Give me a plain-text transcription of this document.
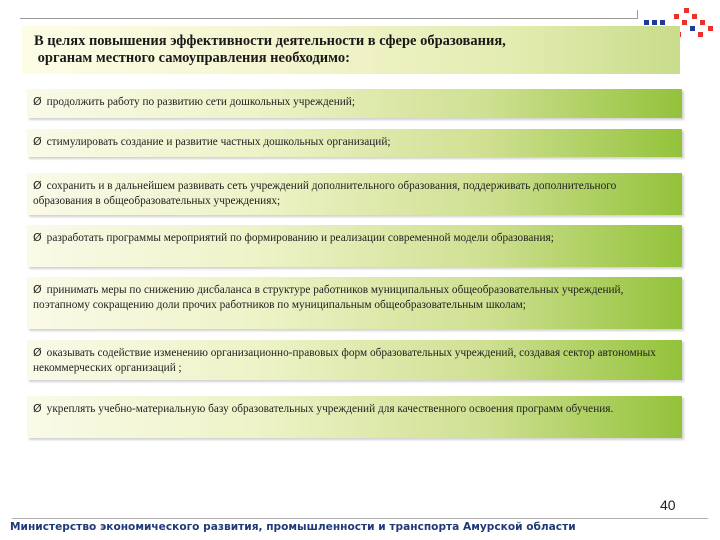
В целях повышения эффективности деятельности в сфере образования,
органам местного самоуправления необходимо:
Ø продолжить работу по развитию сети дошкольных учреждений;
Ø стимулировать создание и развитие частных дошкольных организаций;
Ø сохранить и в дальнейшем развивать сеть учреждений дополнительного образования, поддерживать дополнительного образования в общеобразовательных учреждениях;
Ø разработать программы мероприятий по формированию и реализации современной модели образования;
Ø принимать меры по снижению дисбаланса в структуре работников муниципальных общеобразовательных учреждений, поэтапному сокращению доли прочих работников по муниципальным общеобразовательным школам;
Ø оказывать содействие изменению организационно-правовых форм образовательных учреждений, создавая сектор автономных некоммерческих организаций ;
Ø укреплять учебно-материальную базу образовательных учреждений для качественного освоения программ обучения.
40
Министерство экономического развития, промышленности и транспорта Амурской области
